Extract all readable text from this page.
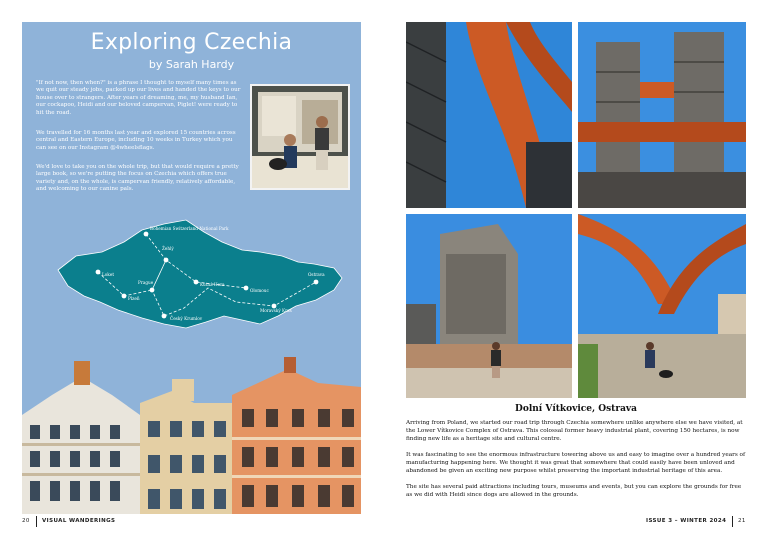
Exploring Czechia
by Sarah Hardy

"If not now, then when?" is a phrase I thought to myself many times as we quit our steady jobs, packed up our lives and handed the keys to our house over to strangers. After years of dreaming, me, my husband Ian, our cockapoo, Heidi and our beloved campervan, Piglet! were ready to hit the road.

We travelled for 16 months last year and explored 15 countries across central and Eastern Europe, including 10 weeks in Turkey which you can see on our Instagram @4wheelsflags.

We'd love to take you on the whole trip, but that would require a pretty large book, so we're putting the focus on Czechia which offers true variety and, on the whole, is campervan friendly, relatively affordable, and welcoming to our canine pals.

Bohemian Switzerland National Park
Žehlý
Loket
Prague	Kutná Hora
Plzeň
Český Krumlov
Olomouc
Ostrava
Moravský Kras
20 VISUAL WANDERINGS
Dolní Vítkovice, Ostrava

Arriving from Poland, we started our road trip through Czechia somewhere unlike anywhere else we have visited, at the Lower Vítkovice Complex of Ostrava. This colossal former heavy industrial plant, covering 150 hectares, is now finding new life as a heritage site and cultural centre.

It was fascinating to see the enormous infrastructure towering above us and easy to imagine over a hundred years of manufacturing happening here. We thought it was great that somewhere that could easily have been unloved and abandoned be given an exciting new purpose whilst preserving the important industrial heritage of this area.

The site has several paid attractions including tours, museums and events, but you can explore the grounds for free as we did with Heidi since dogs are allowed in the grounds.

ISSUE 3 – WINTER 2024 21
